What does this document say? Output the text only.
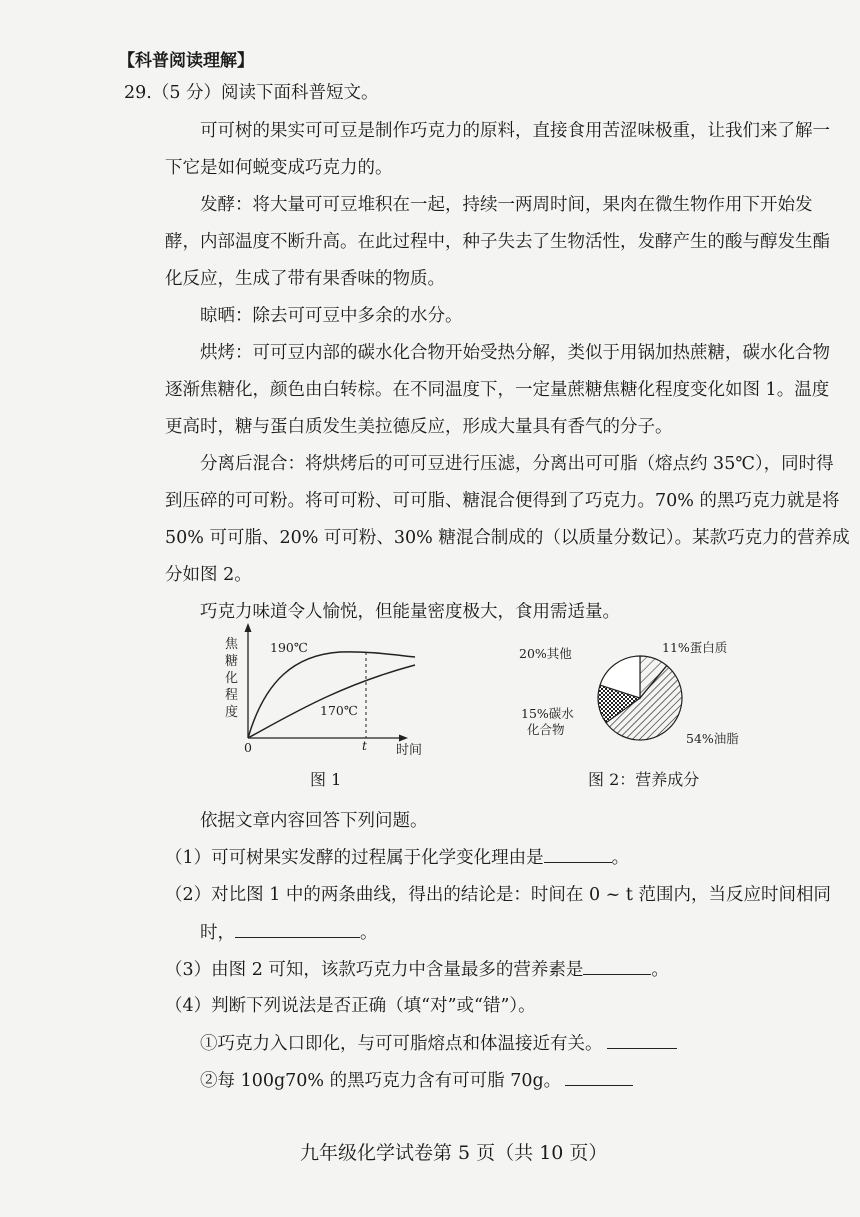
【科普阅读理解】
29.（5 分）阅读下面科普短文。
可可树的果实可可豆是制作巧克力的原料，直接食用苦涩味极重，让我们来了解一
下它是如何蜕变成巧克力的。
发酵：将大量可可豆堆积在一起，持续一两周时间，果肉在微生物作用下开始发
酵，内部温度不断升高。在此过程中，种子失去了生物活性，发酵产生的酸与醇发生酯
化反应，生成了带有果香味的物质。
晾晒：除去可可豆中多余的水分。
烘烤：可可豆内部的碳水化合物开始受热分解，类似于用锅加热蔗糖，碳水化合物
逐渐焦糖化，颜色由白转棕。在不同温度下，一定量蔗糖焦糖化程度变化如图 1。温度
更高时，糖与蛋白质发生美拉德反应，形成大量具有香气的分子。
分离后混合：将烘烤后的可可豆进行压滤，分离出可可脂（熔点约 35℃），同时得
到压碎的可可粉。将可可粉、可可脂、糖混合便得到了巧克力。70% 的黑巧克力就是将
50% 可可脂、20% 可可粉、30% 糖混合制成的（以质量分数记）。某款巧克力的营养成
分如图 2。
巧克力味道令人愉悦，但能量密度极大，食用需适量。
焦
糖
化
程
度
190℃
170℃
0	t 时间
图 1
20%其他	11%蛋白质
54%油脂
15%碳水
化合物
图 2：营养成分
依据文章内容回答下列问题。
（1）可可树果实发酵的过程属于化学变化理由是	。
（2）对比图 1 中的两条曲线，得出的结论是：时间在 0 ~ t 范围内，当反应时间相同
时，	。
（3）由图 2 可知，该款巧克力中含量最多的营养素是	。
（4）判断下列说法是否正确（填“对”或“错”）。
①巧克力入口即化，与可可脂熔点和体温接近有关。
②每 100g70% 的黑巧克力含有可可脂 70g。
九年级化学试卷第 5 页（共 10 页）
